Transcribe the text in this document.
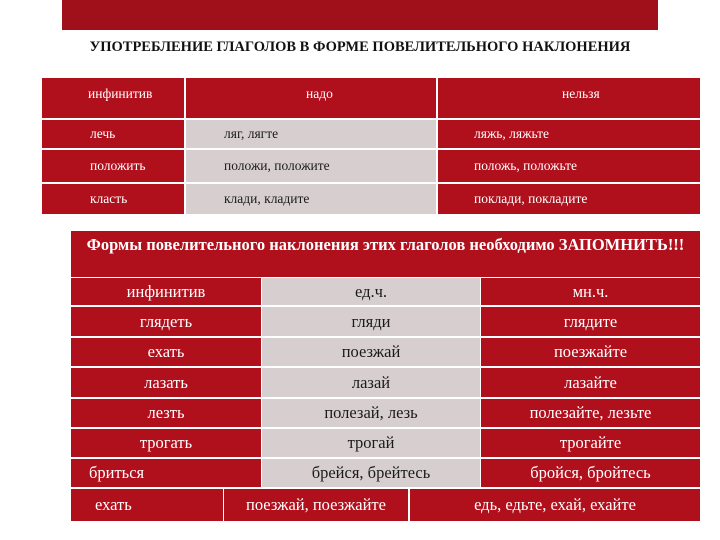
УПОТРЕБЛЕНИЕ ГЛАГОЛОВ В ФОРМЕ ПОВЕЛИТЕЛЬНОГО НАКЛОНЕНИЯ
инфинитив	надо	нельзя
лечь	ляг, лягте	ляжь, ляжьте
положить	положи, положите	положь, положьте
класть	клади, кладите	поклади, покладите
Формы повелительного наклонения этих глаголов необходимо ЗАПОМНИТЬ!!!
инфинитив	ед.ч.	мн.ч.
глядеть	гляди	глядите
ехать	поезжай	поезжайте
лазать	лазай	лазайте
лезть	полезай, лезь	полезайте, лезьте
трогать	трогай	трогайте
бриться	брейся, брейтесь	бройся, бройтесь
ехать	поезжай, поезжайте	едь, едьте, ехай, ехайте
